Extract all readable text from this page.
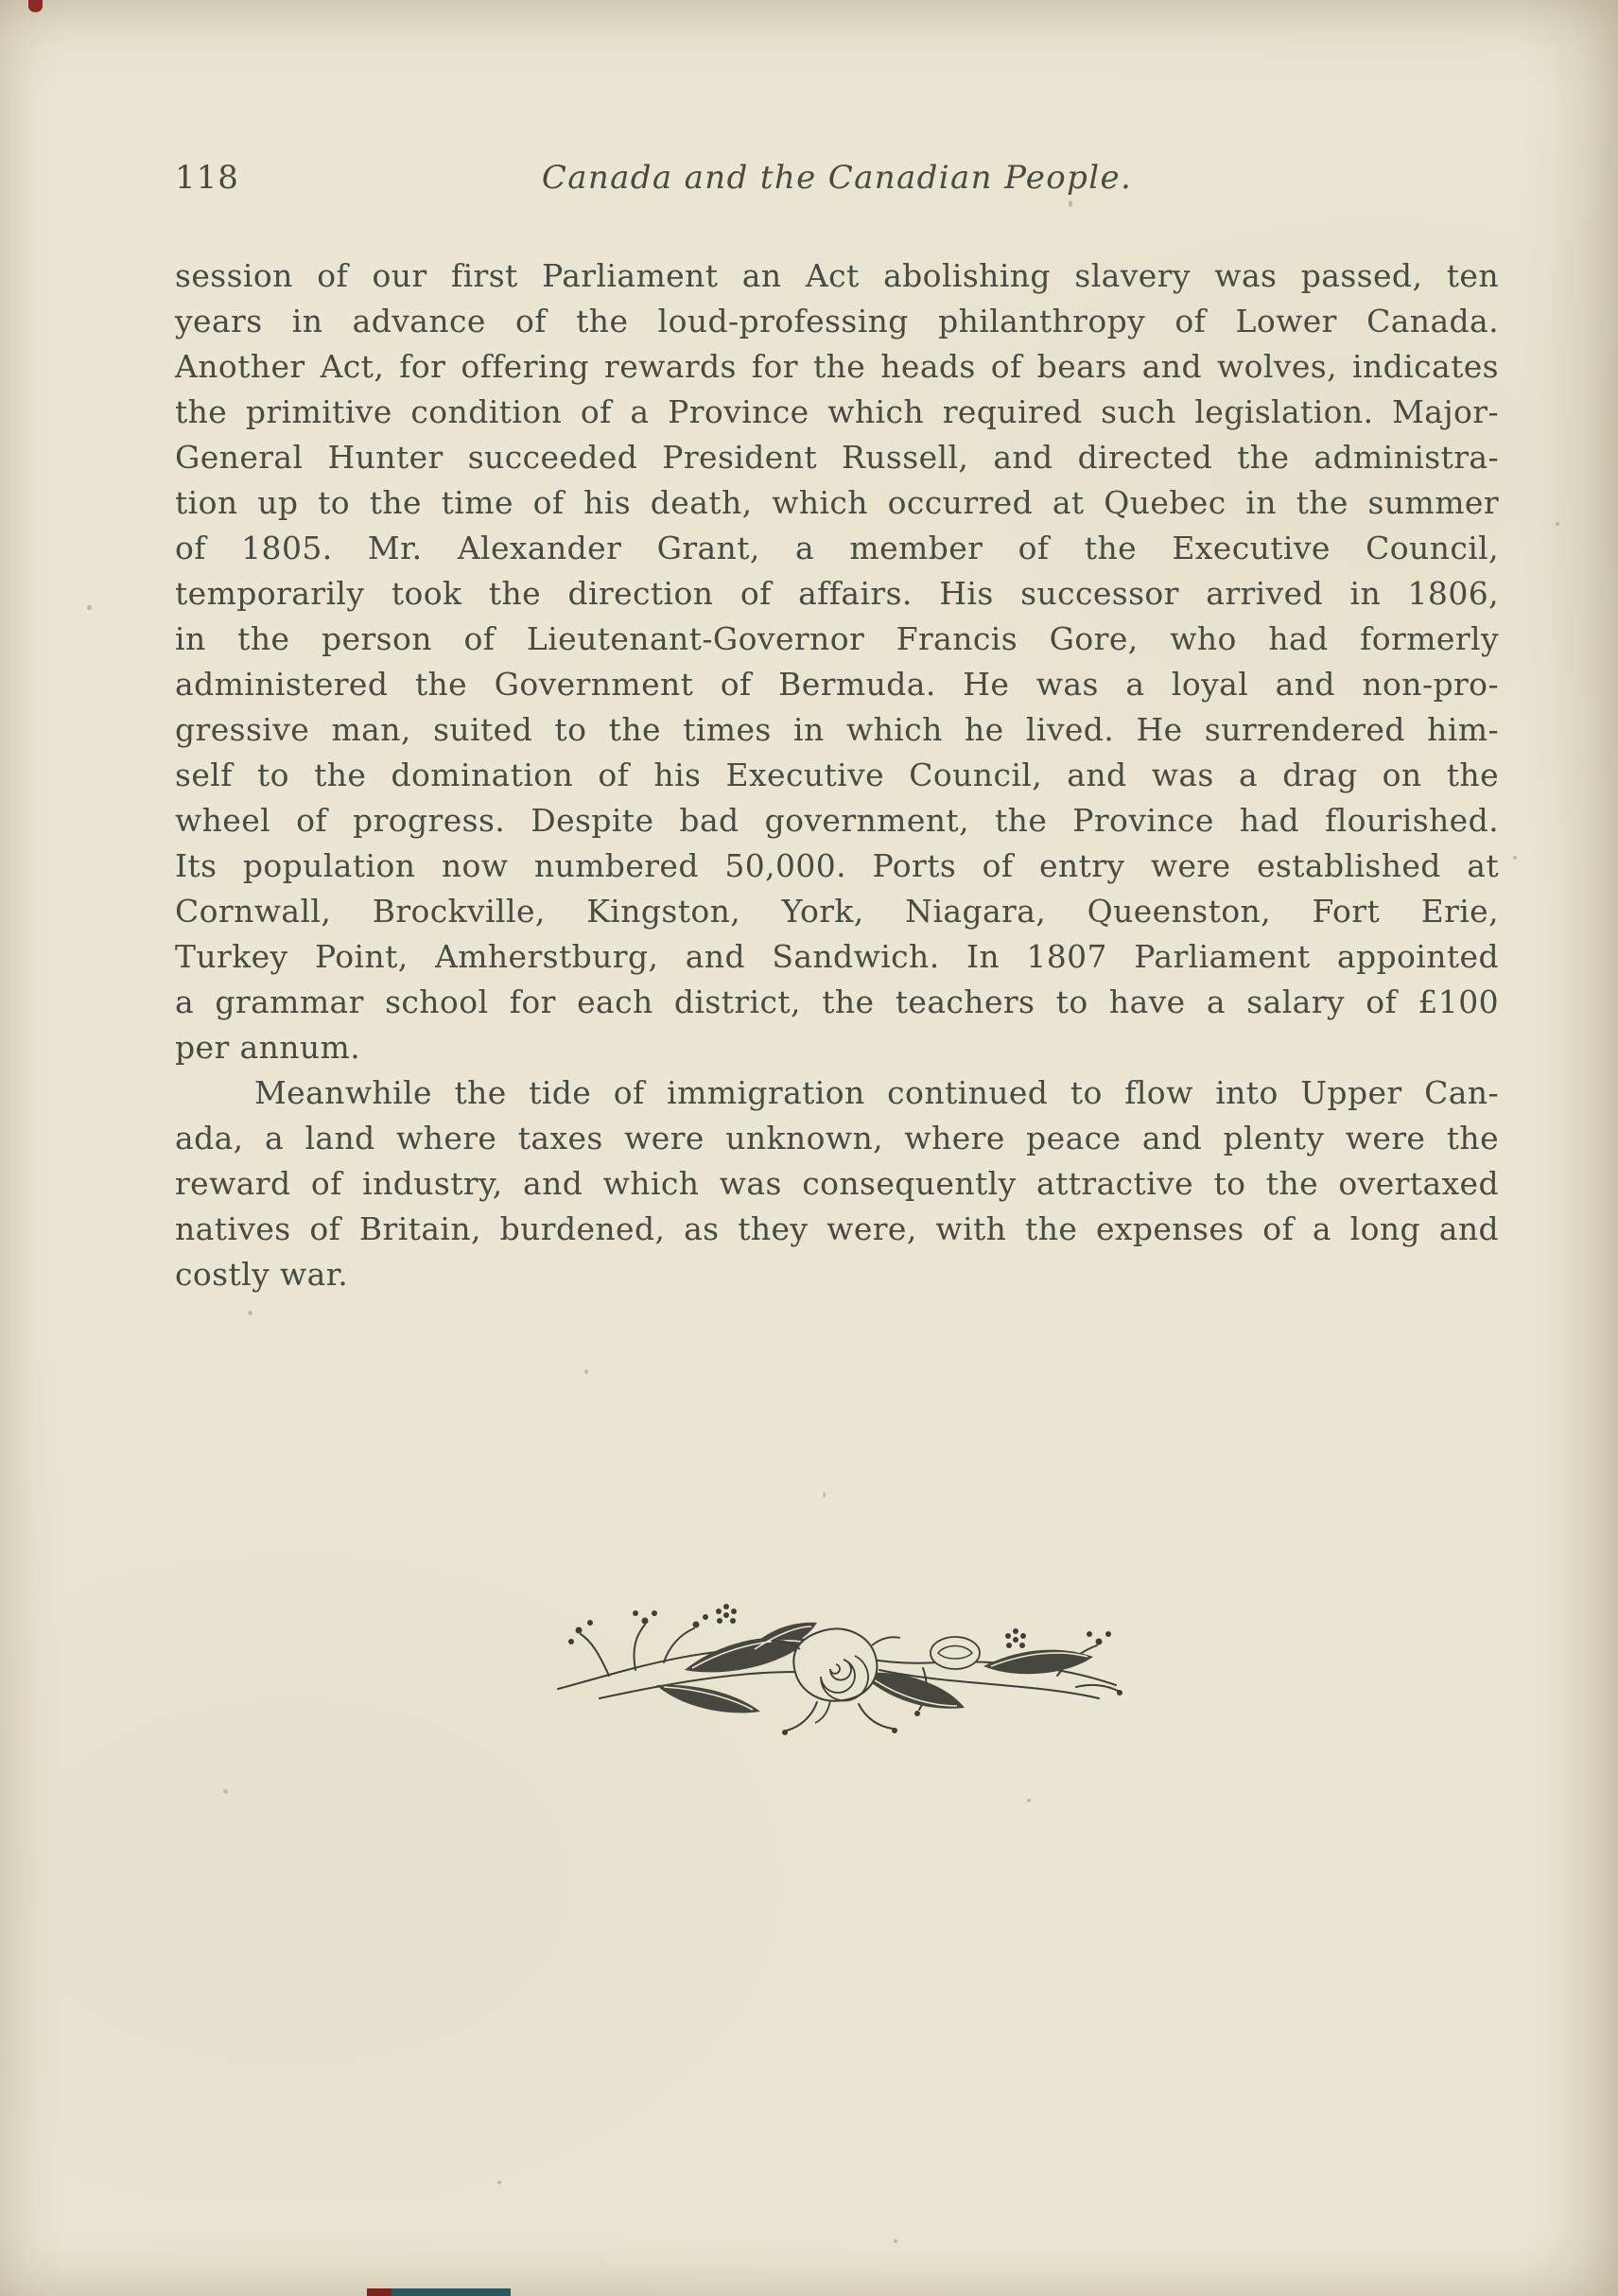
118	Canada and the Canadian People.
session of our first Parliament an Act abolishing slavery was passed, ten
years in advance of the loud-professing philanthropy of Lower Canada.
Another Act, for offering rewards for the heads of bears and wolves, indicates
the primitive condition of a Province which required such legislation. Major-
General Hunter succeeded President Russell, and directed the administra-
tion up to the time of his death, which occurred at Quebec in the summer
of 1805. Mr. Alexander Grant, a member of the Executive Council,
temporarily took the direction of affairs. His successor arrived in 1806,
in the person of Lieutenant-Governor Francis Gore, who had formerly
administered the Government of Bermuda. He was a loyal and non-pro-
gressive man, suited to the times in which he lived. He surrendered him-
self to the domination of his Executive Council, and was a drag on the
wheel of progress. Despite bad government, the Province had flourished.
Its population now numbered 50,000. Ports of entry were established at
Cornwall, Brockville, Kingston, York, Niagara, Queenston, Fort Erie,
Turkey Point, Amherstburg, and Sandwich. In 1807 Parliament appointed
a grammar school for each district, the teachers to have a salary of £100
per annum.
Meanwhile the tide of immigration continued to flow into Upper Can-
ada, a land where taxes were unknown, where peace and plenty were the
reward of industry, and which was consequently attractive to the overtaxed
natives of Britain, burdened, as they were, with the expenses of a long and
costly war.
